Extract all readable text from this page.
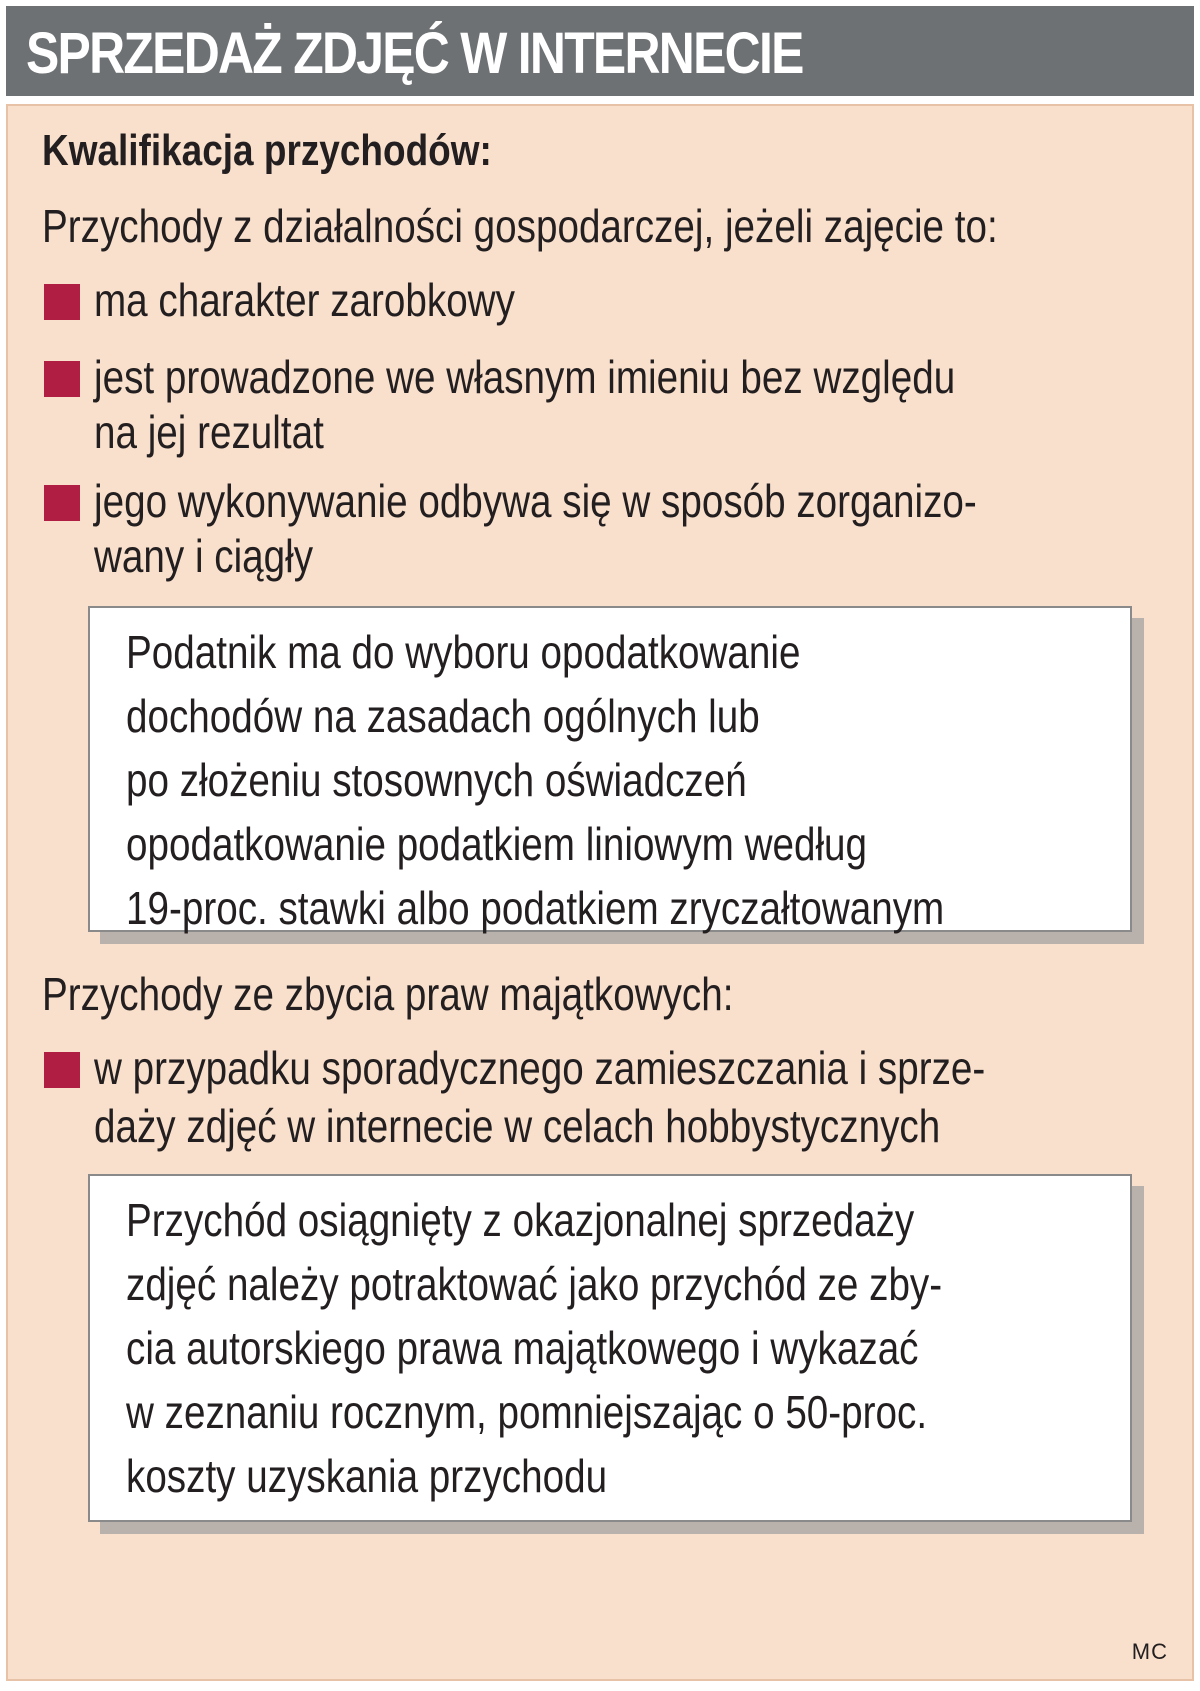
SPRZEDAŻ ZDJĘĆ W INTERNECIE
Kwalifikacja przychodów:
Przychody z działalności gospodarczej, jeżeli zajęcie to:
ma charakter zarobkowy
jest prowadzone we własnym imieniu bez względu
na jej rezultat
jego wykonywanie odbywa się w sposób zorganizo-
wany i ciągły
Podatnik ma do wyboru opodatkowanie
dochodów na zasadach ogólnych lub
po złożeniu stosownych oświadczeń
opodatkowanie podatkiem liniowym według
19-proc. stawki albo podatkiem zryczałtowanym
Przychody ze zbycia praw majątkowych:
w przypadku sporadycznego zamieszczania i sprze-
daży zdjęć w internecie w celach hobbystycznych
Przychód osiągnięty z okazjonalnej sprzedaży
zdjęć należy potraktować jako przychód ze zby-
cia autorskiego prawa majątkowego i wykazać
w zeznaniu rocznym, pomniejszając o 50-proc.
koszty uzyskania przychodu
MC
